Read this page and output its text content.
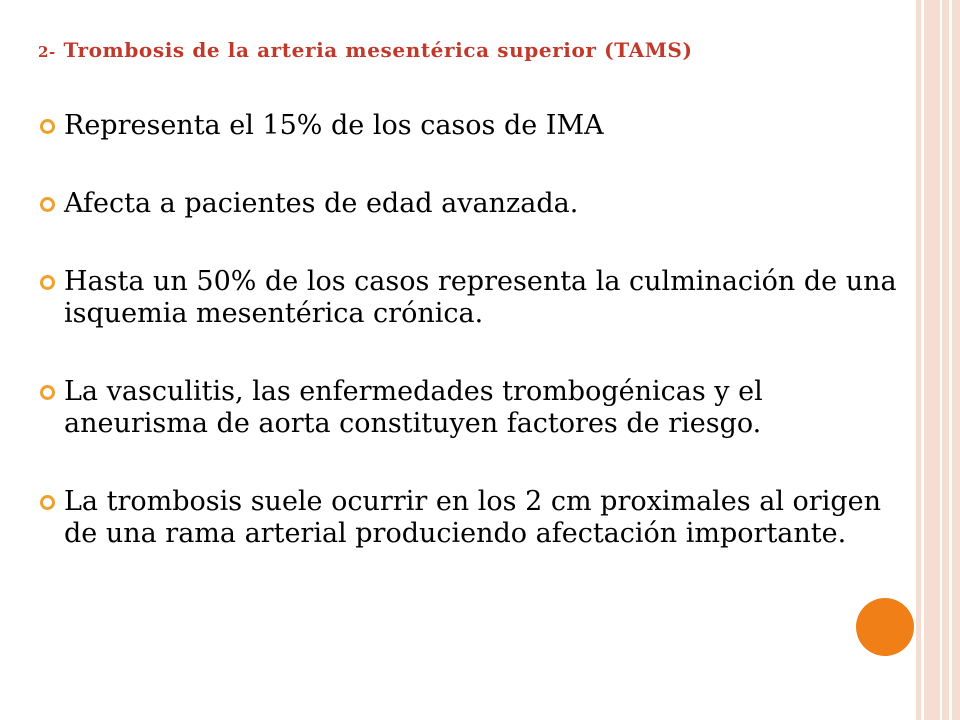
2- Trombosis de la arteria mesentérica superior (TAMS)
Representa el 15% de los casos de IMA
Afecta a pacientes de edad avanzada.
Hasta un 50% de los casos representa la culminación de una isquemia mesentérica crónica.
La vasculitis, las enfermedades trombogénicas y el aneurisma de aorta constituyen factores de riesgo.
La trombosis suele ocurrir en los 2 cm proximales al origen de una rama arterial produciendo afectación importante.
